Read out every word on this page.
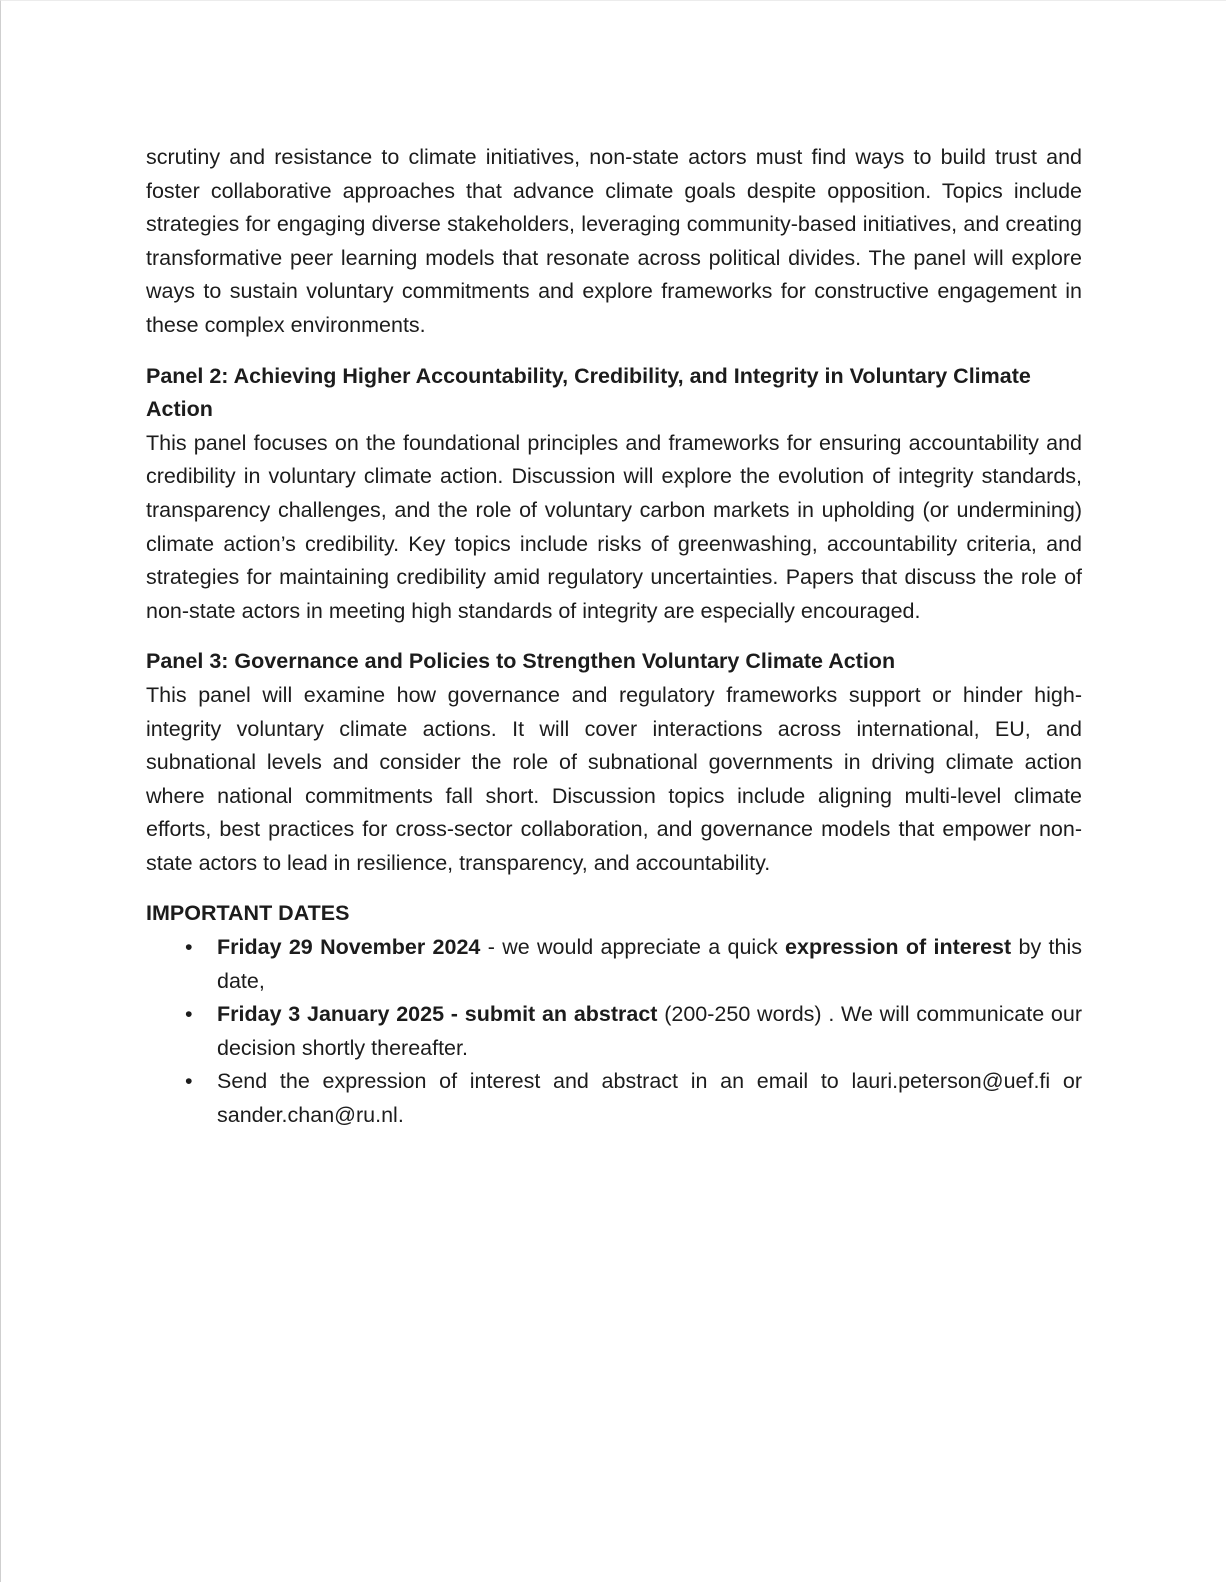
scrutiny and resistance to climate initiatives, non-state actors must find ways to build trust and foster collaborative approaches that advance climate goals despite opposition. Topics include strategies for engaging diverse stakeholders, leveraging community-based initiatives, and creating transformative peer learning models that resonate across political divides. The panel will explore ways to sustain voluntary commitments and explore frameworks for constructive engagement in these complex environments.

Panel 2: Achieving Higher Accountability, Credibility, and Integrity in Voluntary Climate Action

This panel focuses on the foundational principles and frameworks for ensuring accountability and credibility in voluntary climate action. Discussion will explore the evolution of integrity standards, transparency challenges, and the role of voluntary carbon markets in upholding (or undermining) climate action’s credibility. Key topics include risks of greenwashing, accountability criteria, and strategies for maintaining credibility amid regulatory uncertainties. Papers that discuss the role of non-state actors in meeting high standards of integrity are especially encouraged.

Panel 3: Governance and Policies to Strengthen Voluntary Climate Action

This panel will examine how governance and regulatory frameworks support or hinder high-integrity voluntary climate actions. It will cover interactions across international, EU, and subnational levels and consider the role of subnational governments in driving climate action where national commitments fall short. Discussion topics include aligning multi-level climate efforts, best practices for cross-sector collaboration, and governance models that empower non-state actors to lead in resilience, transparency, and accountability.

IMPORTANT DATES
• Friday 29 November 2024 - we would appreciate a quick expression of interest by this date,
• Friday 3 January 2025 - submit an abstract (200-250 words) . We will communicate our decision shortly thereafter.
• Send the expression of interest and abstract in an email to lauri.peterson@uef.fi or sander.chan@ru.nl.
